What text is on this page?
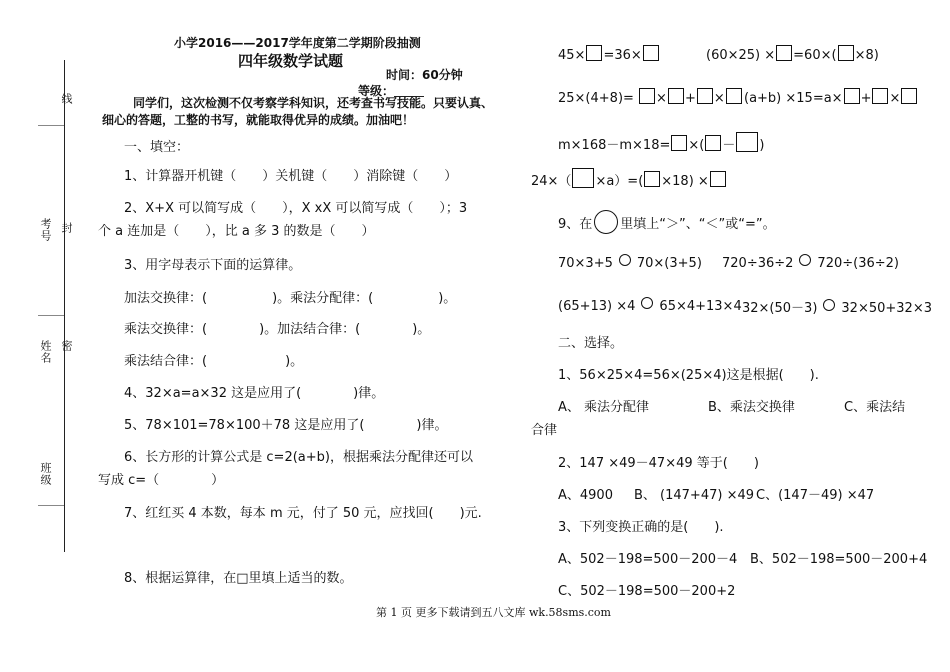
线
考号 封
姓名 密
班级
小学2016——2017学年度第二学期阶段抽测
四年级数学试题
时间：60分钟
等级：
同学们，这次检测不仅考察学科知识，还考查书写技能。只要认真、
细心的答题，工整的书写，就能取得优异的成绩。加油吧！
一、填空：
1、计算器开机键（　　）关机键（　　）消除键（　　）
2、X+X 可以简写成（　　），X xX 可以简写成（　　）；3
个 a 连加是（　　），比 a 多 3 的数是（　　）
3、用字母表示下面的运算律。
加法交换律：(　　　　　)。乘法分配律：(　　　　　)。
乘法交换律：(　　　　)。加法结合律：(　　　　)。
乘法结合律：(　　　　　　)。
4、32×a=a×32 这是应用了(　　　　)律。
5、78×101=78×100＋78 这是应用了(　　　　)律。
6、长方形的计算公式是 c=2(a+b)，根据乘法分配律还可以
写成 c=（　　　　）
7、红红买 4 本数，每本 m 元，付了 50 元，应找回(　　)元.
8、根据运算律，在□里填上适当的数。
45× =36×	(60×25) × =60×( ×8)
25×(4+8)= × + ×	(a+b) ×15=a× + ×
m×168－m×18= ×( － )
24×（ ×a）=( ×18) ×
9、在 里填上“＞”、“＜”或“=”。
70×3+5 70×(3+5) 720÷36÷2 720÷(36÷2)
(65+13) ×4 65×4+13×4 32×(50－3) 32×50+32×3
二、选择。
1、56×25×4=56×(25×4)这是根据(　　).
A、 乘法分配律	B、乘法交换律	C、乘法结
合律
2、147 ×49－47×49 等于(　　)
A、4900 B、 (147+47) ×49 C、(147－49) ×47
3、下列变换正确的是(　　).
A、502－198=500－200－4 B、502－198=500－200+4
C、502－198=500－200+2
第 1 页 更多下载请到五八文库 wk.58sms.com
